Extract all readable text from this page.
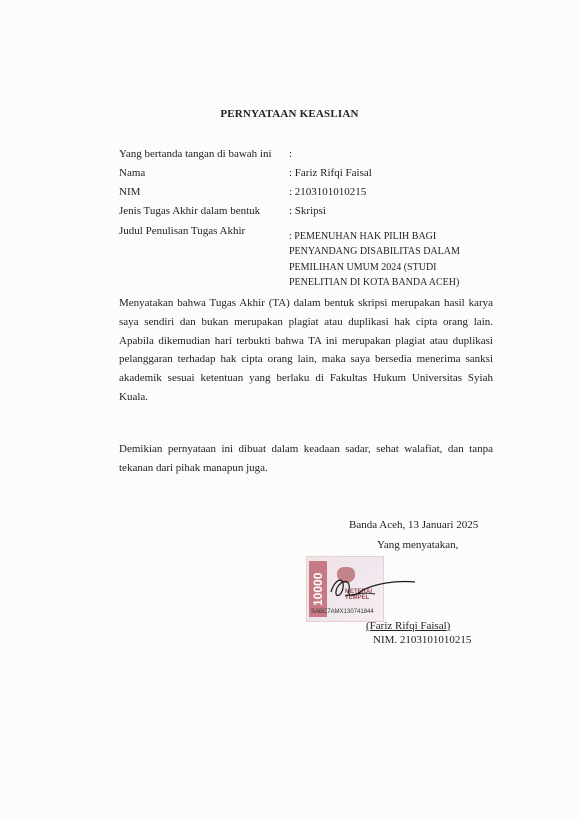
PERNYATAAN KEASLIAN
Yang bertanda tangan di bawah ini :
Nama	: Fariz Rifqi Faisal
NIM	: 2103101010215
Jenis Tugas Akhir dalam bentuk	: Skripsi
Judul Penulisan Tugas Akhir	: PEMENUHAN HAK PILIH BAGI
PENYANDANG DISABILITAS DALAM
PEMILIHAN UMUM 2024 (STUDI
PENELITIAN DI KOTA BANDA ACEH)
Menyatakan bahwa Tugas Akhir (TA) dalam bentuk skripsi merupakan hasil karya
saya sendiri dan bukan merupakan plagiat atau duplikasi hak cipta orang lain.
Apabila dikemudian hari terbukti bahwa TA ini merupakan plagiat atau duplikasi
pelanggaran terhadap hak cipta orang lain, maka saya bersedia menerima sanksi
akademik sesuai ketentuan yang berlaku di Fakultas Hukum Universitas Syiah
Kuala.
Demikian pernyataan ini dibuat dalam keadaan sadar, sehat walafiat, dan tanpa
tekanan dari pihak manapun juga.
Banda Aceh, 13 Januari 2025
Yang menyatakan,
10000	METERAI
TEMPEL
SABC7AMX130741844
(Fariz Rifqi Faisal)
NIM. 2103101010215
